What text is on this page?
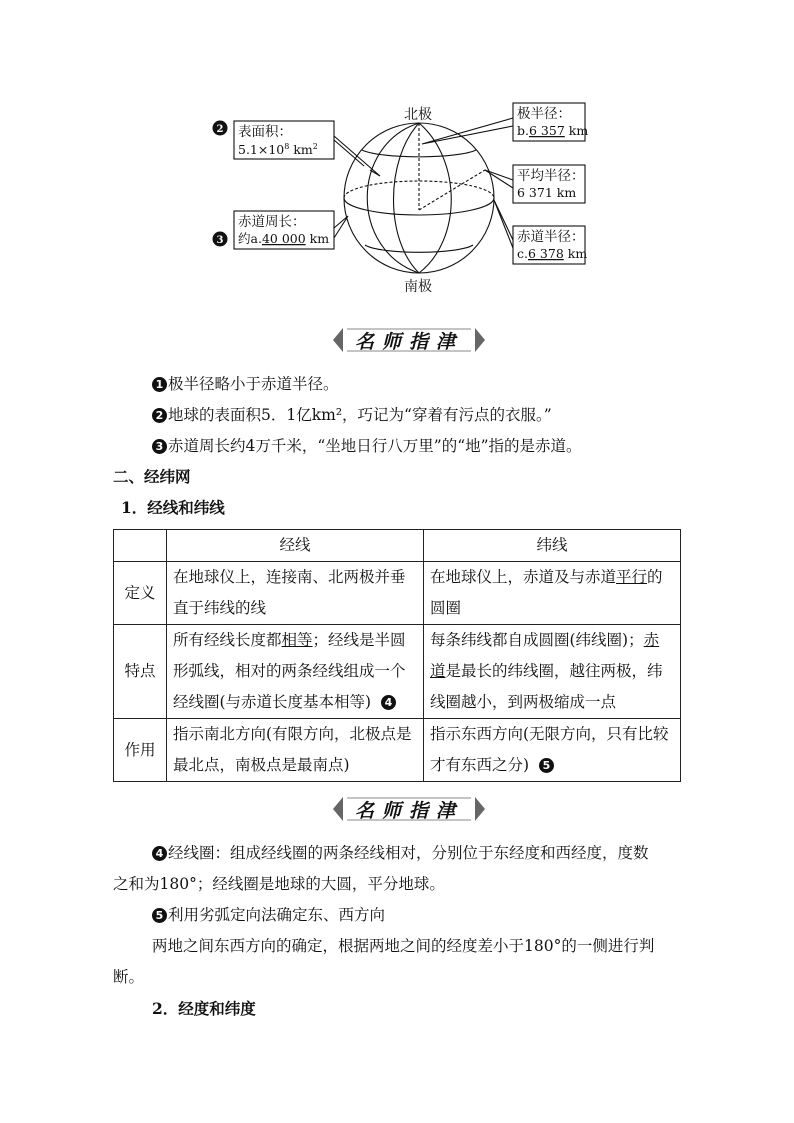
北极
南极
2
3
表面积：
$5.1\times 10^8$ $km^2$
赤道周长：
约a.40 000 km
极半径：
b.6 357 km
平均半径：
6 371 km
赤道半径：
c.6 378 km
名师指津
1 极半径略小于赤道半径。
2 地球的表面积5．1亿km²，巧记为“穿着有污点的衣服。”
3 赤道周长约4万千米，“坐地日行八万里”的“地”指的是赤道。
二、经纬网
1．经线和纬线
	经线	纬线
定义	在地球仪上，连接南、北两极并垂直于纬线的线	在地球仪上，赤道及与赤道平行的圆圈
特点	所有经线长度都相等；经线是半圆形弧线，相对的两条经线组成一个经线圈(与赤道长度基本相等) 4	每条纬线都自成圆圈(纬线圈)；赤道是最长的纬线圈，越往两极，纬线圈越小，到两极缩成一点
作用	指示南北方向(有限方向，北极点是最北点，南极点是最南点)	指示东西方向(无限方向，只有比较才有东西之分) 5
名师指津
4 经线圈：组成经线圈的两条经线相对，分别位于东经度和西经度，度数
之和为180°；经线圈是地球的大圆，平分地球。
5 利用劣弧定向法确定东、西方向
两地之间东西方向的确定，根据两地之间的经度差小于180°的一侧进行判
断。
2．经度和纬度
